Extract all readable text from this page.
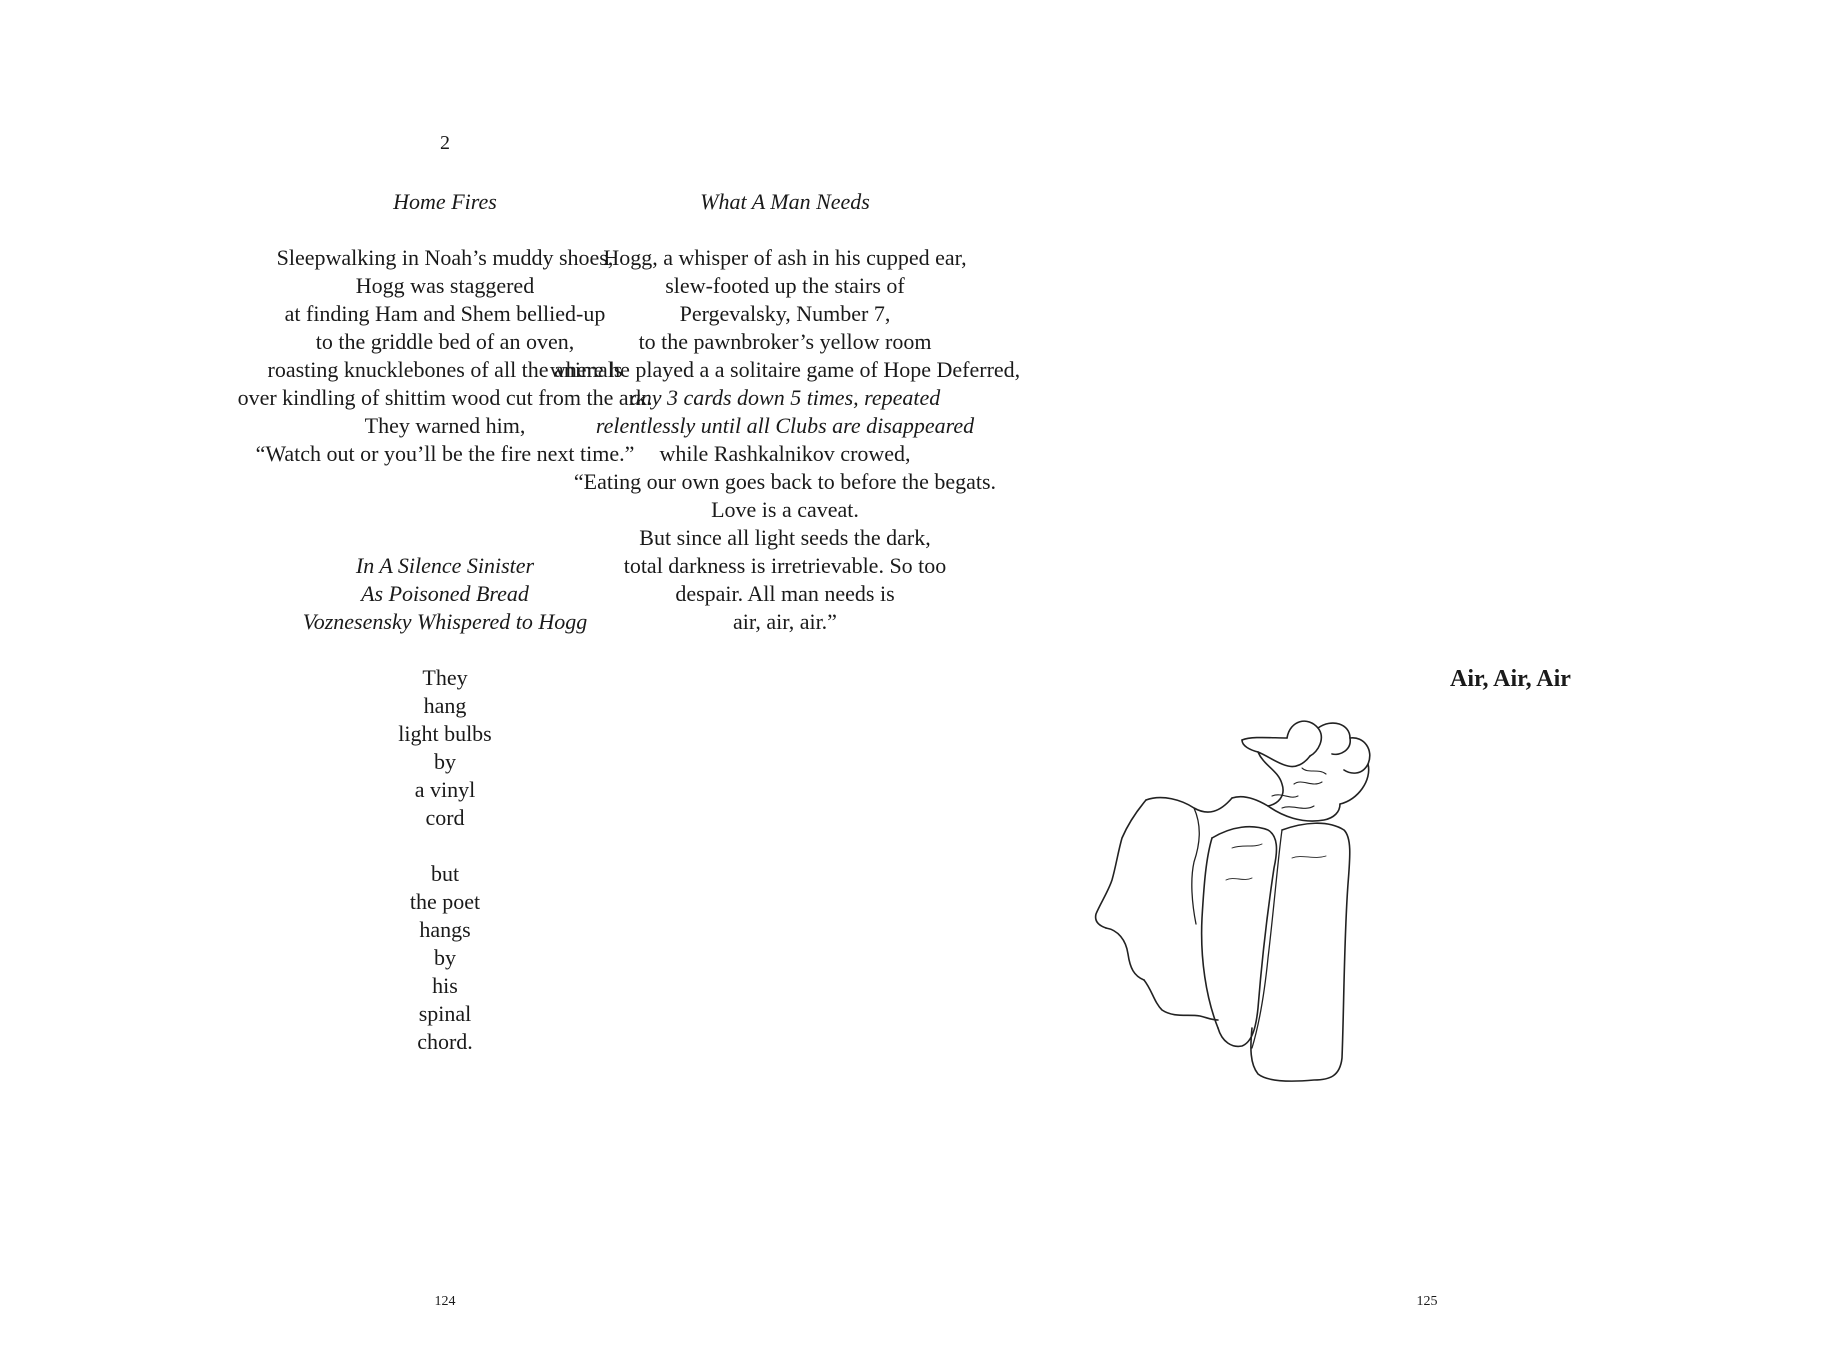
2
Home Fires
Sleepwalking in Noah’s muddy shoes,
Hogg was staggered
at finding Ham and Shem bellied-up
to the griddle bed of an oven,
roasting knucklebones of all the animals
over kindling of shittim wood cut from the ark.
They warned him,
“Watch out or you’ll be the fire next time.”
In A Silence Sinister
As Poisoned Bread
Voznesensky Whispered to Hogg
They
hang
light bulbs
by
a vinyl
cord
but
the poet
hangs
by
his
spinal
chord.
124
What A Man Needs
Hogg, a whisper of ash in his cupped ear,
slew-footed up the stairs of
Pergevalsky, Number 7,
to the pawnbroker’s yellow room
where he played a a solitaire game of Hope Deferred,
any 3 cards down 5 times, repeated
relentlessly until all Clubs are disappeared
while Rashkalnikov crowed,
“Eating our own goes back to before the begats.
Love is a caveat.
But since all light seeds the dark,
total darkness is irretrievable. So too
despair. All man needs is
air, air, air.”
Air, Air, Air
125
